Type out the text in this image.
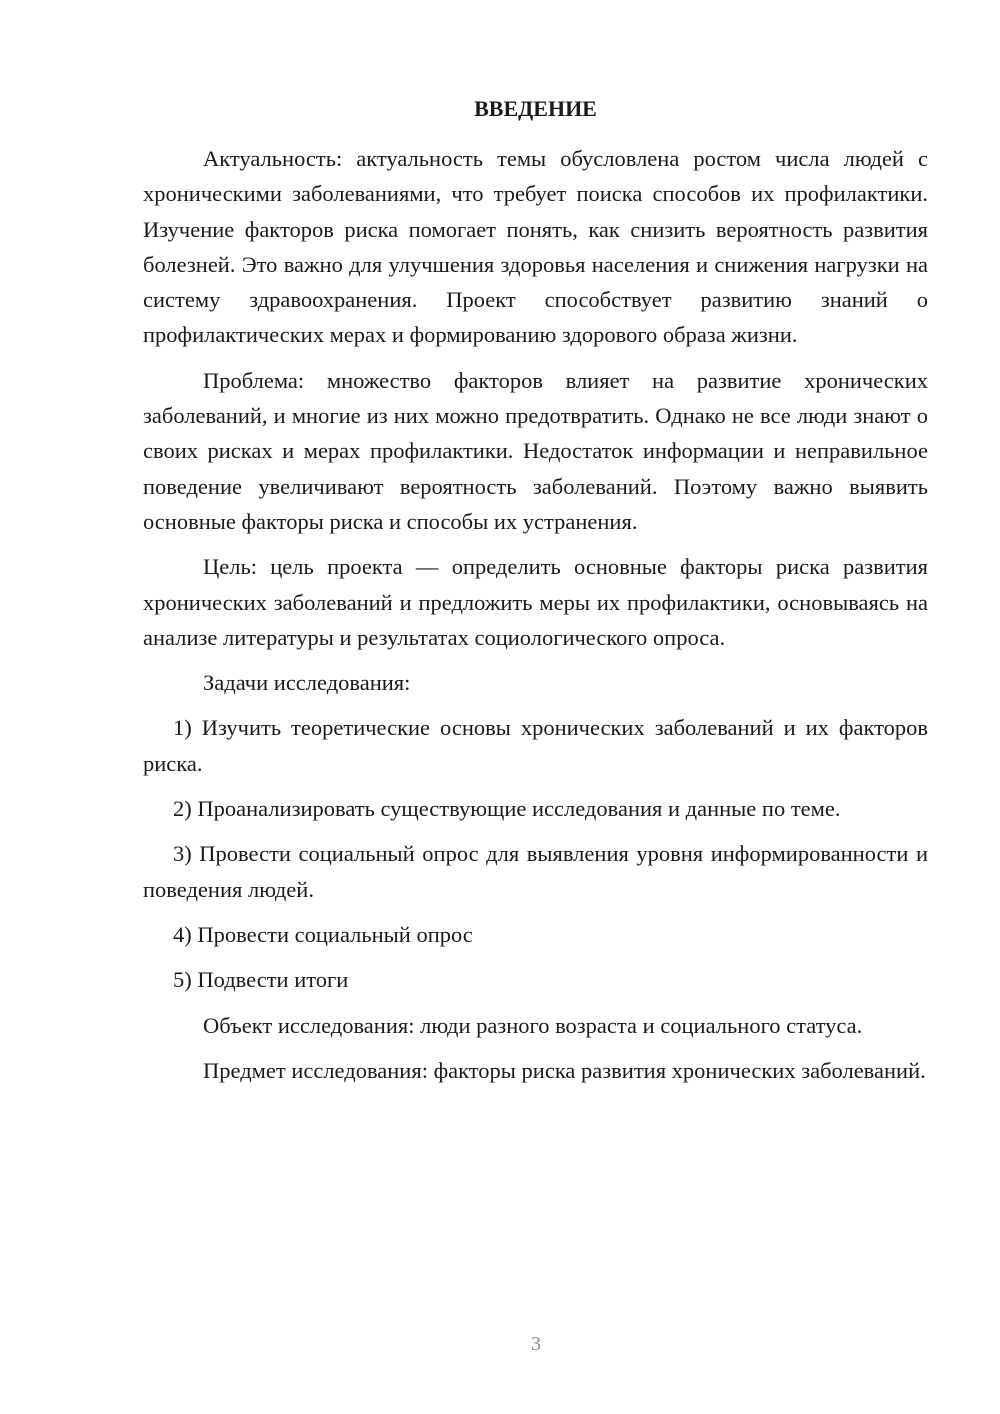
ВВЕДЕНИЕ

Актуальность: актуальность темы обусловлена ростом числа людей с хроническими заболеваниями, что требует поиска способов их профилактики. Изучение факторов риска помогает понять, как снизить вероятность развития болезней. Это важно для улучшения здоровья населения и снижения нагрузки на систему здравоохранения. Проект способствует развитию знаний о профилактических мерах и формированию здорового образа жизни.

Проблема: множество факторов влияет на развитие хронических заболеваний, и многие из них можно предотвратить. Однако не все люди знают о своих рисках и мерах профилактики. Недостаток информации и неправильное поведение увеличивают вероятность заболеваний. Поэтому важно выявить основные факторы риска и способы их устранения.

Цель: цель проекта — определить основные факторы риска развития хронических заболеваний и предложить меры их профилактики, основываясь на анализе литературы и результатах социологического опроса.

Задачи исследования:

1) Изучить теоретические основы хронических заболеваний и их факторов риска.

2) Проанализировать существующие исследования и данные по теме.

3) Провести социальный опрос для выявления уровня информированности и поведения людей.

4) Провести социальный опрос

5) Подвести итоги

Объект исследования: люди разного возраста и социального статуса.

Предмет исследования: факторы риска развития хронических заболеваний.

3
